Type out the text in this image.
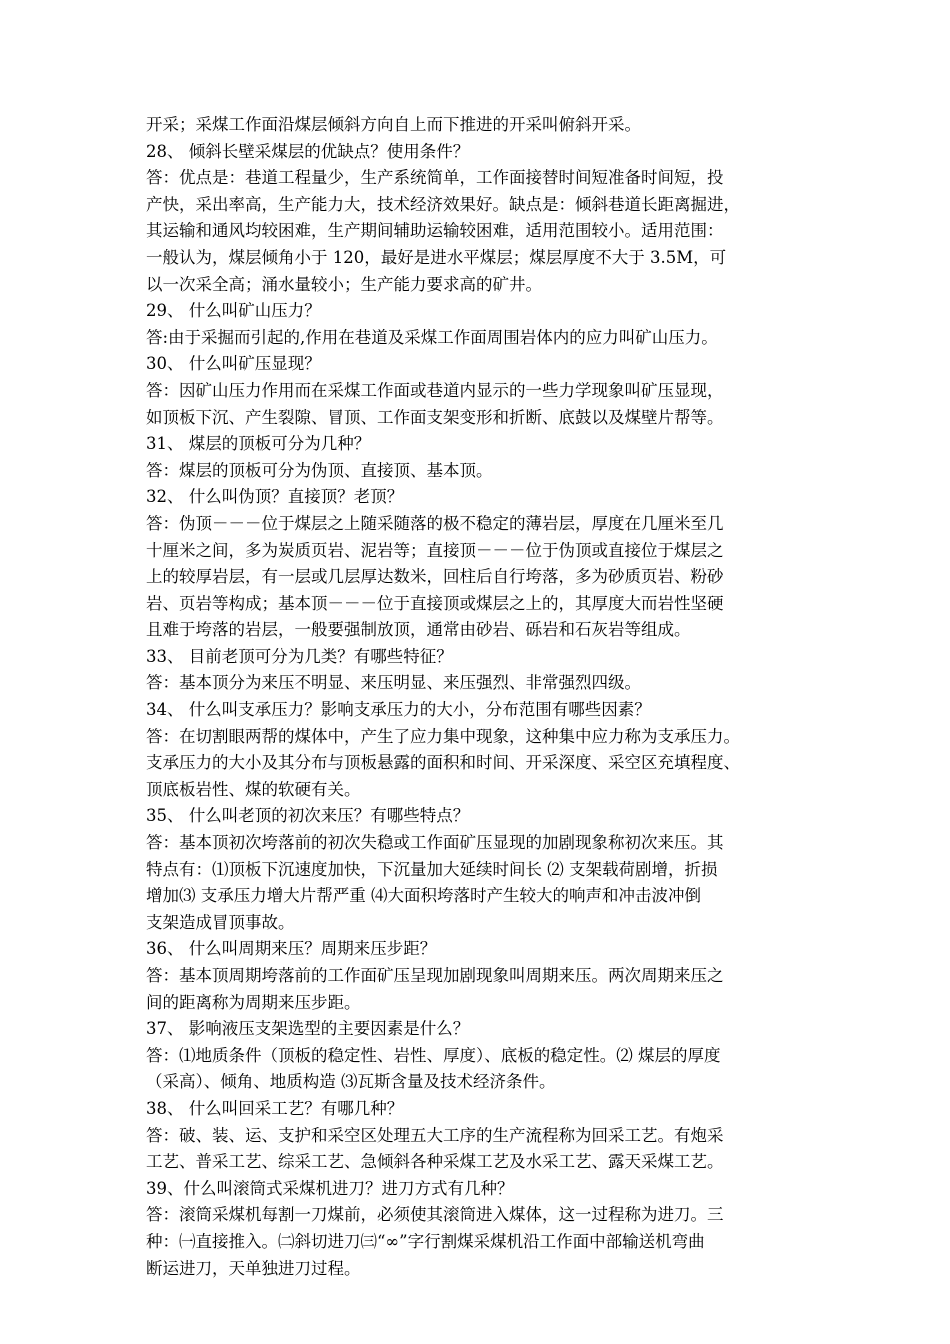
开采；采煤工作面沿煤层倾斜方向自上而下推进的开采叫俯斜开采。
28、 倾斜长壁采煤层的优缺点？使用条件？
答：优点是：巷道工程量少，生产系统简单，工作面接替时间短准备时间短，投
产快，采出率高，生产能力大，技术经济效果好。缺点是：倾斜巷道长距离掘进，
其运输和通风均较困难，生产期间辅助运输较困难，适用范围较小。适用范围：
一般认为，煤层倾角小于 120，最好是进水平煤层；煤层厚度不大于 3.5M，可
以一次采全高；涌水量较小；生产能力要求高的矿井。
29、 什么叫矿山压力？
答:由于采掘而引起的,作用在巷道及采煤工作面周围岩体内的应力叫矿山压力。
30、 什么叫矿压显现？
答：因矿山压力作用而在采煤工作面或巷道内显示的一些力学现象叫矿压显现，
如顶板下沉、产生裂隙、冒顶、工作面支架变形和折断、底鼓以及煤壁片帮等。
31、 煤层的顶板可分为几种？
答：煤层的顶板可分为伪顶、直接顶、基本顶。
32、 什么叫伪顶？直接顶？老顶？
答：伪顶－－－位于煤层之上随采随落的极不稳定的薄岩层，厚度在几厘米至几
十厘米之间，多为炭质页岩、泥岩等；直接顶－－－位于伪顶或直接位于煤层之
上的较厚岩层，有一层或几层厚达数米，回柱后自行垮落，多为砂质页岩、粉砂
岩、页岩等构成；基本顶－－－位于直接顶或煤层之上的，其厚度大而岩性坚硬
且难于垮落的岩层，一般要强制放顶，通常由砂岩、砾岩和石灰岩等组成。
33、 目前老顶可分为几类？有哪些特征？
答：基本顶分为来压不明显、来压明显、来压强烈、非常强烈四级。
34、 什么叫支承压力？影响支承压力的大小，分布范围有哪些因素？
答：在切割眼两帮的煤体中，产生了应力集中现象，这种集中应力称为支承压力。
支承压力的大小及其分布与顶板悬露的面积和时间、开采深度、采空区充填程度、
顶底板岩性、煤的软硬有关。
35、 什么叫老顶的初次来压？有哪些特点？
答：基本顶初次垮落前的初次失稳或工作面矿压显现的加剧现象称初次来压。其
特点有：⑴顶板下沉速度加快，下沉量加大延续时间长 ⑵ 支架载荷剧增，折损
增加⑶ 支承压力增大片帮严重 ⑷大面积垮落时产生较大的响声和冲击波冲倒
支架造成冒顶事故。
36、 什么叫周期来压？周期来压步距？
答：基本顶周期垮落前的工作面矿压呈现加剧现象叫周期来压。两次周期来压之
间的距离称为周期来压步距。
37、 影响液压支架选型的主要因素是什么？
答：⑴地质条件（顶板的稳定性、岩性、厚度）、底板的稳定性。⑵ 煤层的厚度
（采高）、倾角、地质构造 ⑶瓦斯含量及技术经济条件。
38、 什么叫回采工艺？有哪几种？
答：破、装、运、支护和采空区处理五大工序的生产流程称为回采工艺。有炮采
工艺、普采工艺、综采工艺、急倾斜各种采煤工艺及水采工艺、露天采煤工艺。
39、什么叫滚筒式采煤机进刀？进刀方式有几种？
答：滚筒采煤机每割一刀煤前，必须使其滚筒进入煤体，这一过程称为进刀。三
种：㈠直接推入。㈡斜切进刀㈢“∞”字行割煤采煤机沿工作面中部输送机弯曲
断运进刀，天单独进刀过程。
